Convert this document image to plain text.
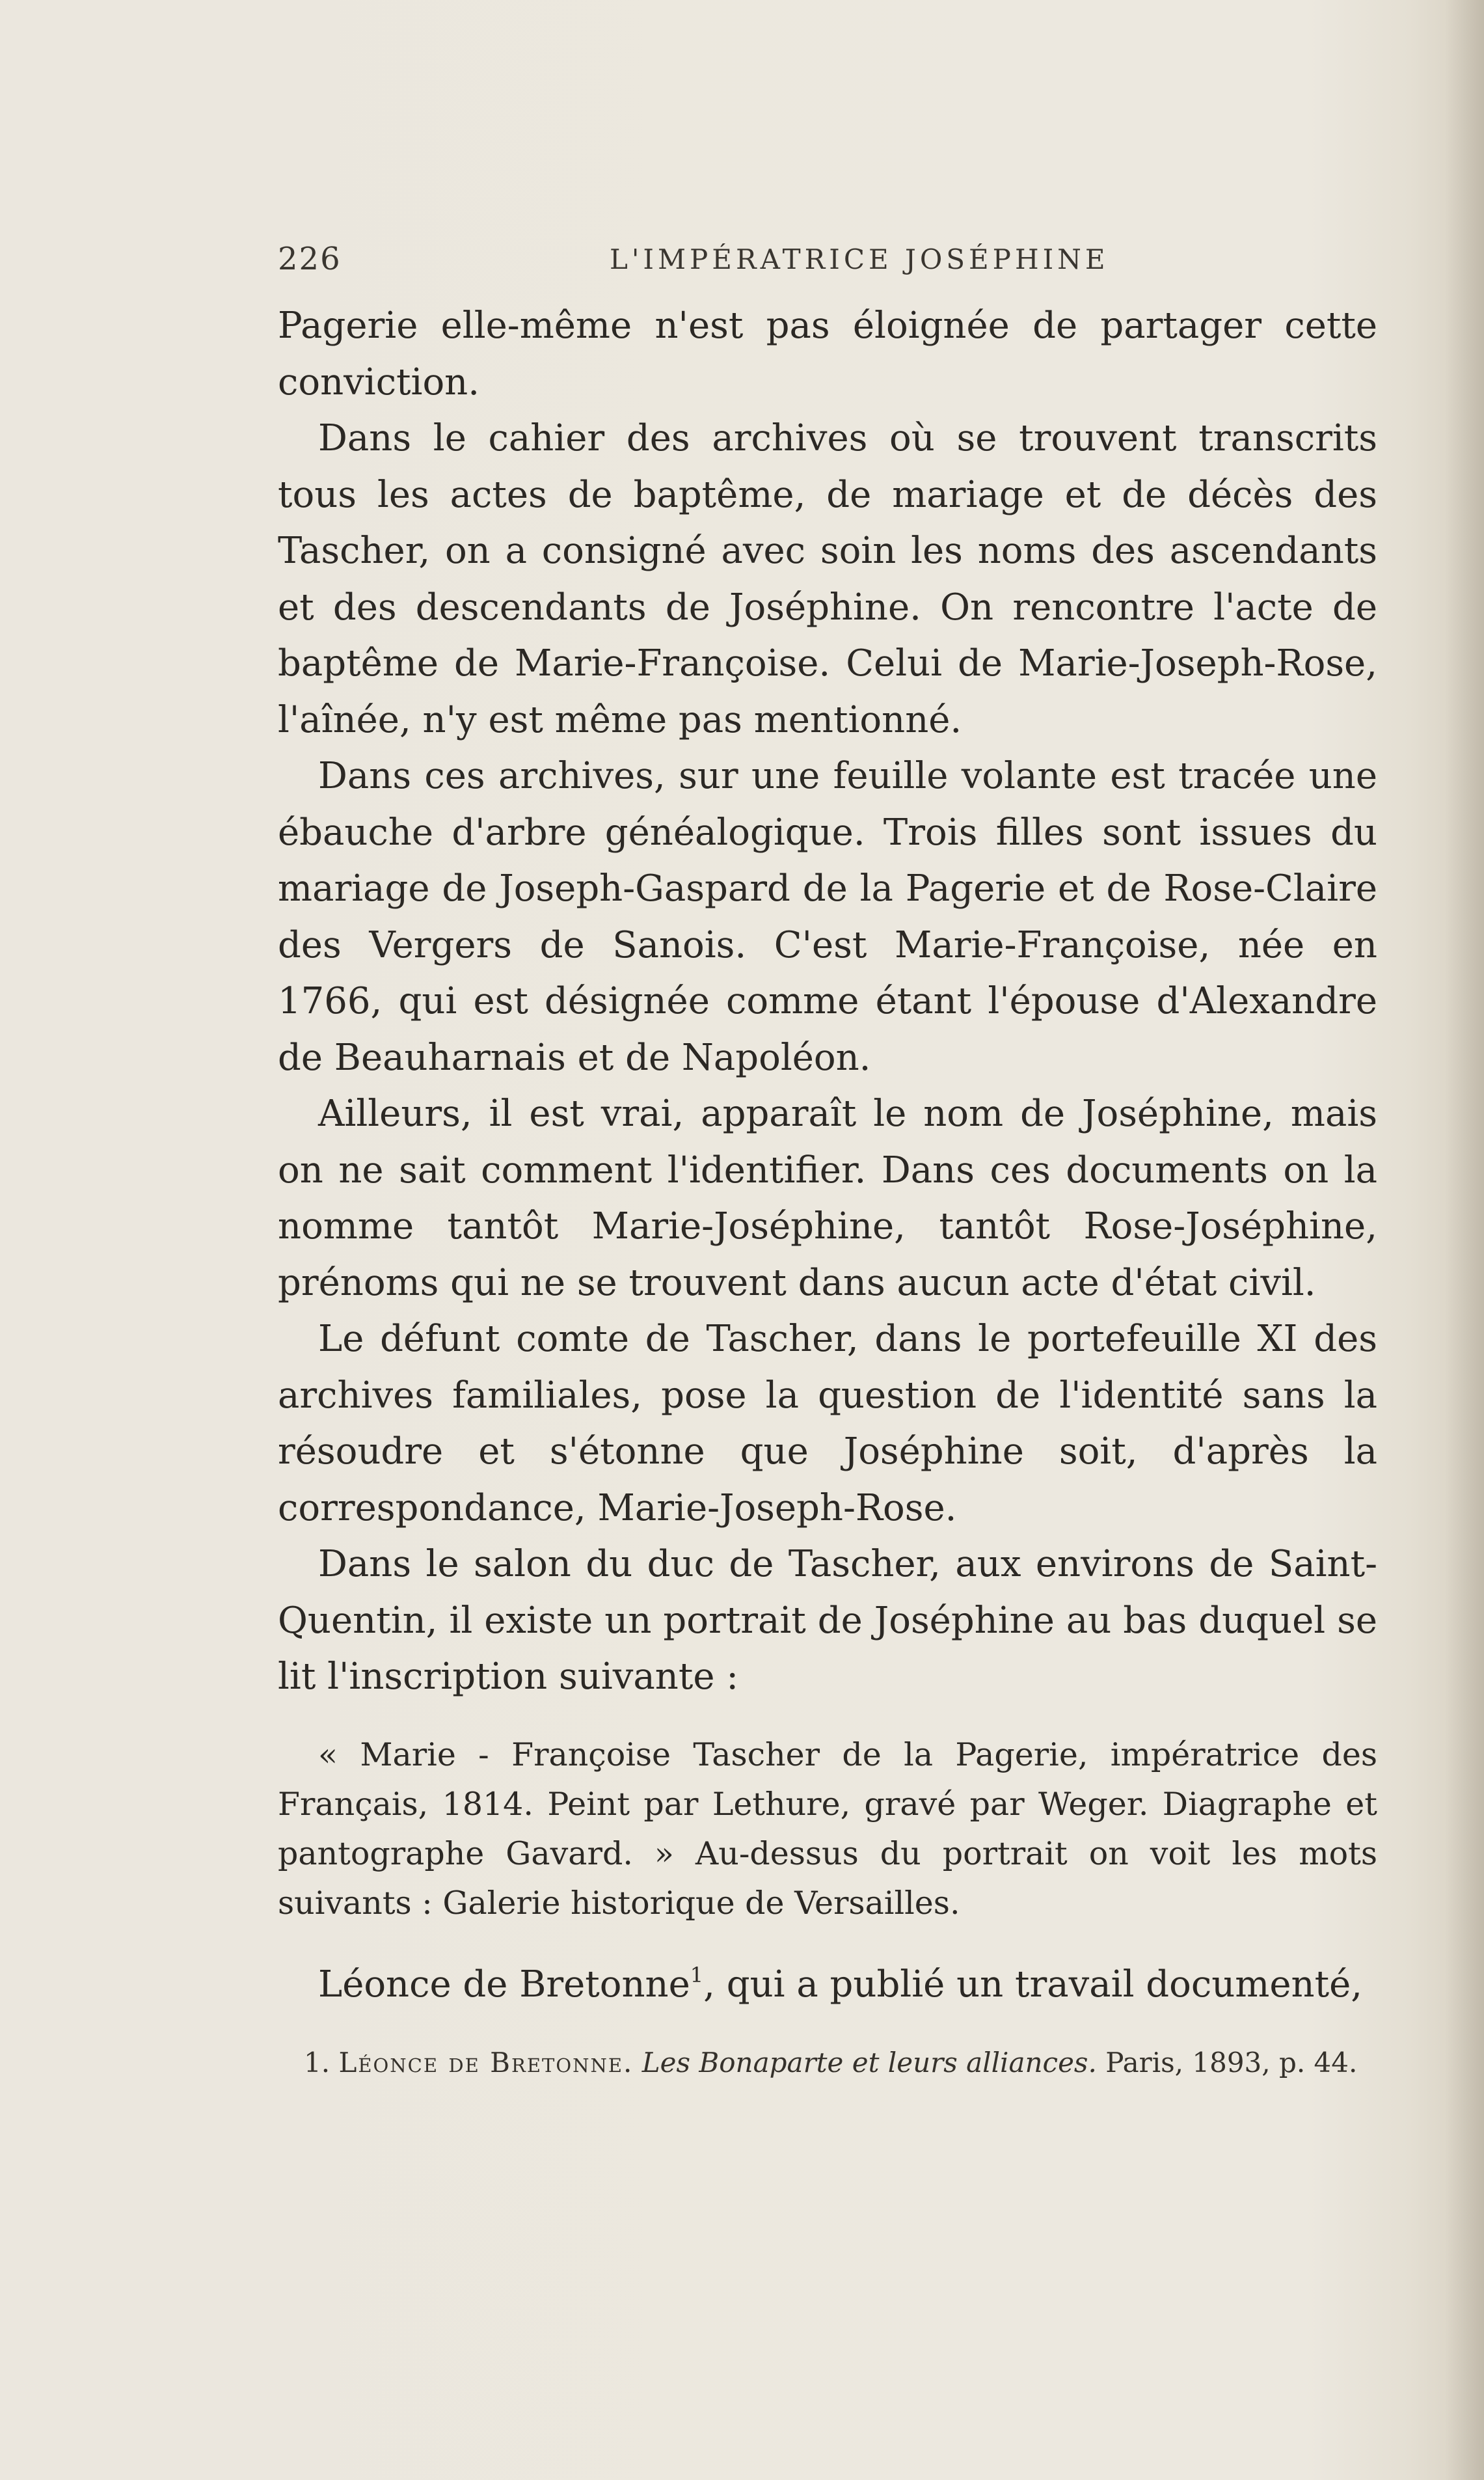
226	L'IMPÉRATRICE JOSÉPHINE

Pagerie elle-même n'est pas éloignée de partager cette conviction.

Dans le cahier des archives où se trouvent transcrits tous les actes de baptême, de mariage et de décès des Tascher, on a consigné avec soin les noms des ascendants et des descendants de Joséphine. On rencontre l'acte de baptême de Marie-Françoise. Celui de Marie-Joseph-Rose, l'aînée, n'y est même pas mentionné.

Dans ces archives, sur une feuille volante est tracée une ébauche d'arbre généalogique. Trois filles sont issues du mariage de Joseph-Gaspard de la Pagerie et de Rose-Claire des Vergers de Sanois. C'est Marie-Françoise, née en 1766, qui est désignée comme étant l'épouse d'Alexandre de Beauharnais et de Napoléon.

Ailleurs, il est vrai, apparaît le nom de Joséphine, mais on ne sait comment l'identifier. Dans ces documents on la nomme tantôt Marie-Joséphine, tantôt Rose-Joséphine, prénoms qui ne se trouvent dans aucun acte d'état civil.

Le défunt comte de Tascher, dans le portefeuille XI des archives familiales, pose la question de l'identité sans la résoudre et s'étonne que Joséphine soit, d'après la correspondance, Marie-Joseph-Rose.

Dans le salon du duc de Tascher, aux environs de Saint-Quentin, il existe un portrait de Joséphine au bas duquel se lit l'inscription suivante :

« Marie - Françoise Tascher de la Pagerie, impératrice des Français, 1814. Peint par Lethure, gravé par Weger. Diagraphe et pantographe Gavard. » Au-dessus du portrait on voit les mots suivants : Galerie historique de Versailles.

Léonce de Bretonne$^1$, qui a publié un travail documenté,

1. Léonce de Bretonne. Les Bonaparte et leurs alliances. Paris, 1893, p. 44.
